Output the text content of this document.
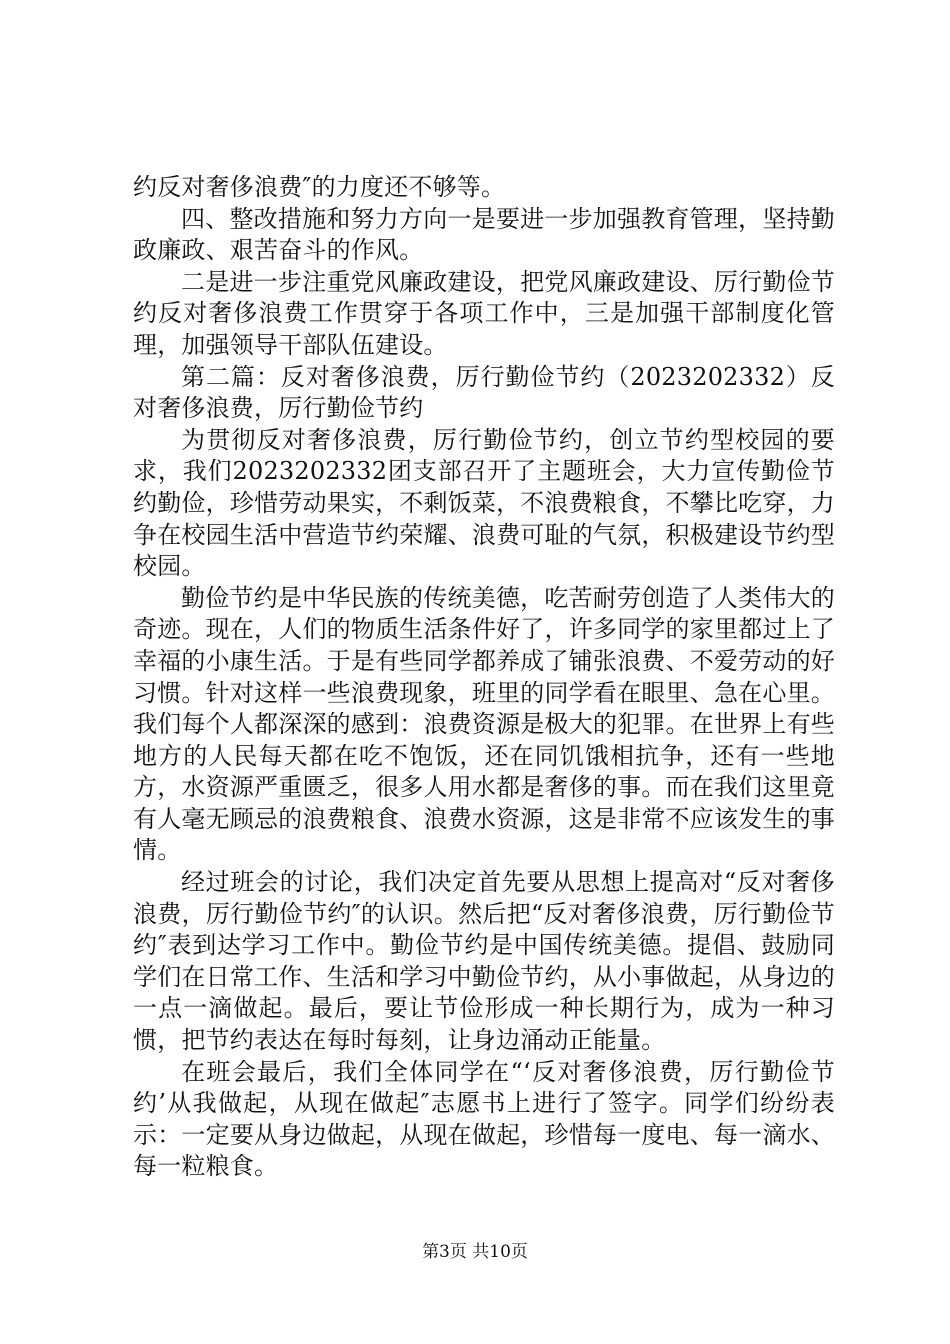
约反对奢侈浪费″的力度还不够等。

四、整改措施和努力方向一是要进一步加强教育管理，坚持勤政廉政、艰苦奋斗的作风。

二是进一步注重党风廉政建设，把党风廉政建设、厉行勤俭节约反对奢侈浪费工作贯穿于各项工作中，三是加强干部制度化管理，加强领导干部队伍建设。

第二篇：反对奢侈浪费，厉行勤俭节约（2023202332）反对奢侈浪费，厉行勤俭节约

为贯彻反对奢侈浪费，厉行勤俭节约，创立节约型校园的要求，我们2023202332团支部召开了主题班会，大力宣传勤俭节约勤俭，珍惜劳动果实，不剩饭菜，不浪费粮食，不攀比吃穿，力争在校园生活中营造节约荣耀、浪费可耻的气氛，积极建设节约型校园。

勤俭节约是中华民族的传统美德，吃苦耐劳创造了人类伟大的奇迹。现在，人们的物质生活条件好了，许多同学的家里都过上了幸福的小康生活。于是有些同学都养成了铺张浪费、不爱劳动的好习惯。针对这样一些浪费现象，班里的同学看在眼里、急在心里。我们每个人都深深的感到：浪费资源是极大的犯罪。在世界上有些地方的人民每天都在吃不饱饭，还在同饥饿相抗争，还有一些地方，水资源严重匮乏，很多人用水都是奢侈的事。而在我们这里竟有人毫无顾忌的浪费粮食、浪费水资源，这是非常不应该发生的事情。

经过班会的讨论，我们决定首先要从思想上提高对“反对奢侈浪费，厉行勤俭节约″的认识。然后把“反对奢侈浪费，厉行勤俭节约″表到达学习工作中。勤俭节约是中国传统美德。提倡、鼓励同学们在日常工作、生活和学习中勤俭节约，从小事做起，从身边的一点一滴做起。最后，要让节俭形成一种长期行为，成为一种习惯，把节约表达在每时每刻，让身边涌动正能量。

在班会最后，我们全体同学在“‘反对奢侈浪费，厉行勤俭节约’从我做起，从现在做起″志愿书上进行了签字。同学们纷纷表示：一定要从身边做起，从现在做起，珍惜每一度电、每一滴水、每一粒粮食。

第3页 共10页
